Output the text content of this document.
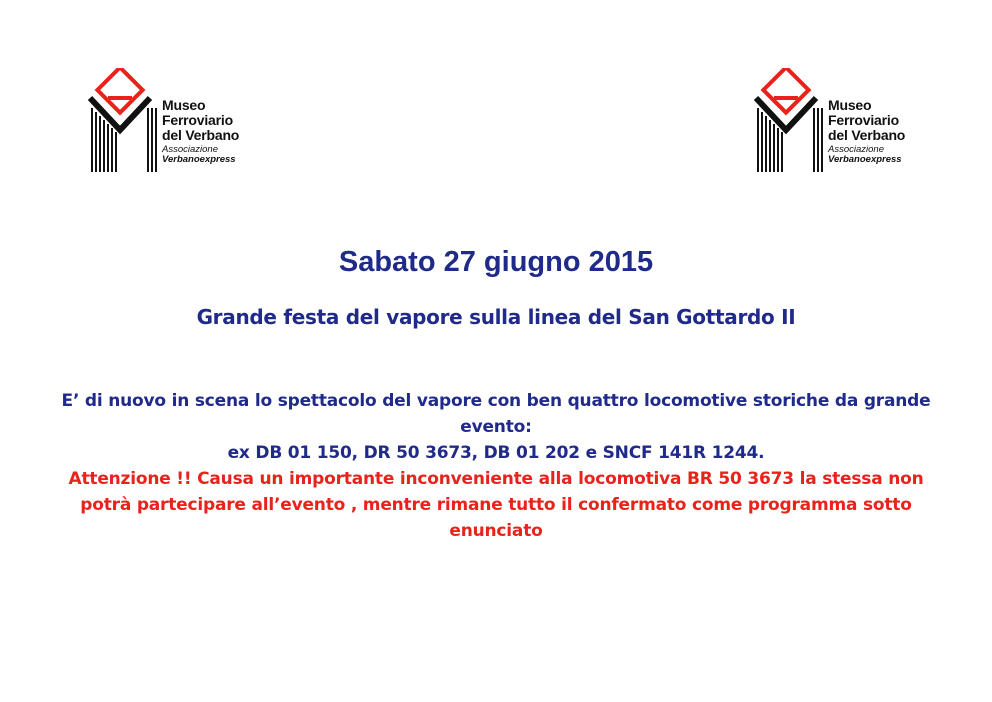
Museo
Ferroviario
del Verbano
Associazione
Verbanoexpress
Museo
Ferroviario
del Verbano
Associazione
Verbanoexpress
Sabato 27 giugno 2015
Grande festa del vapore sulla linea del San Gottardo II

E’ di nuovo in scena lo spettacolo del vapore con ben quattro locomotive storiche da grande evento:

ex DB 01 150, DR 50 3673, DB 01 202 e SNCF 141R 1244.

Attenzione !! Causa un importante inconveniente alla locomotiva BR 50 3673 la stessa non potrà partecipare all’evento , mentre rimane tutto il confermato come programma sotto enunciato
